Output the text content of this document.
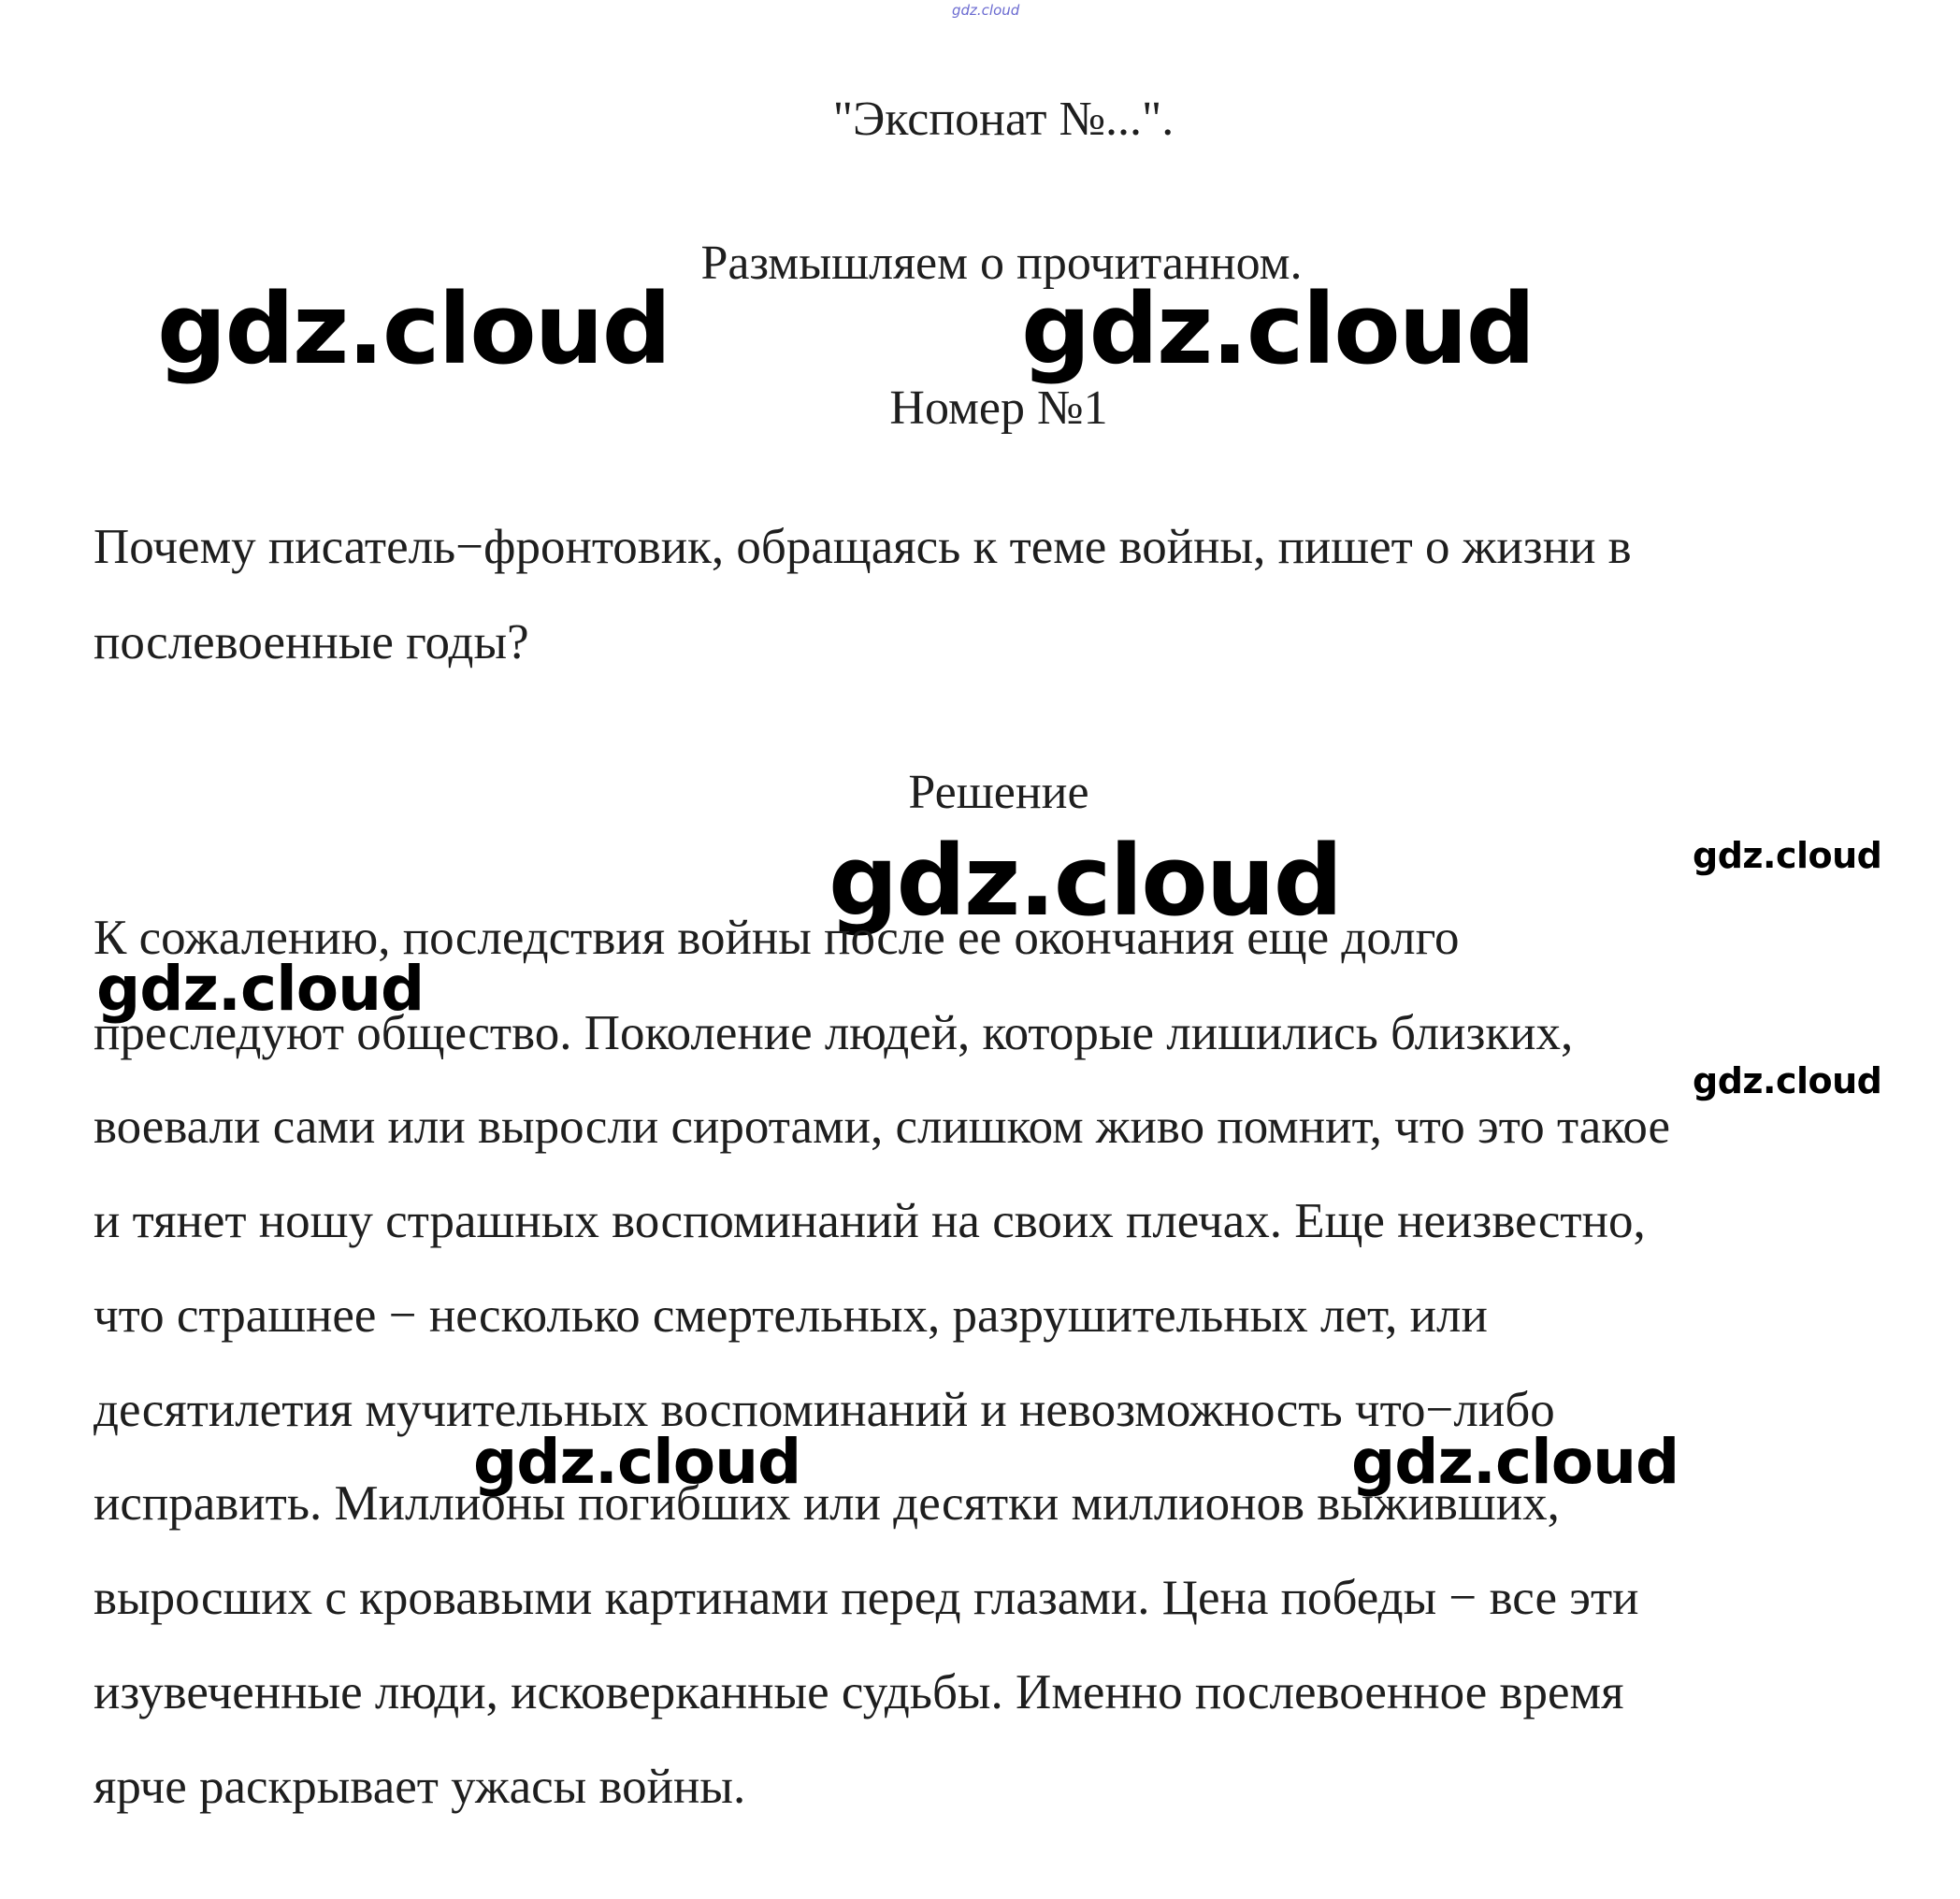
gdz.cloud
"Экспонат №...".
Размышляем о прочитанном.
gdz.cloud	gdz.cloud
Номер №1
Почему писатель−фронтовик, обращаясь к теме войны, пишет о жизни в
послевоенные годы?
Решение
gdz.cloud	gdz.cloud
К сожалению, последствия войны после ее окончания еще долго
преследуют общество. Поколение людей, которые лишились близких,
воевали сами или выросли сиротами, слишком живо помнит, что это такое
и тянет ношу страшных воспоминаний на своих плечах. Еще неизвестно,
что страшнее − несколько смертельных, разрушительных лет, или
десятилетия мучительных воспоминаний и невозможность что−либо
исправить. Миллионы погибших или десятки миллионов выживших,
выросших с кровавыми картинами перед глазами. Цена победы − все эти
изувеченные люди, исковерканные судьбы. Именно послевоенное время
ярче раскрывает ужасы войны.
gdz.cloud
gdz.cloud
gdz.cloud	gdz.cloud
